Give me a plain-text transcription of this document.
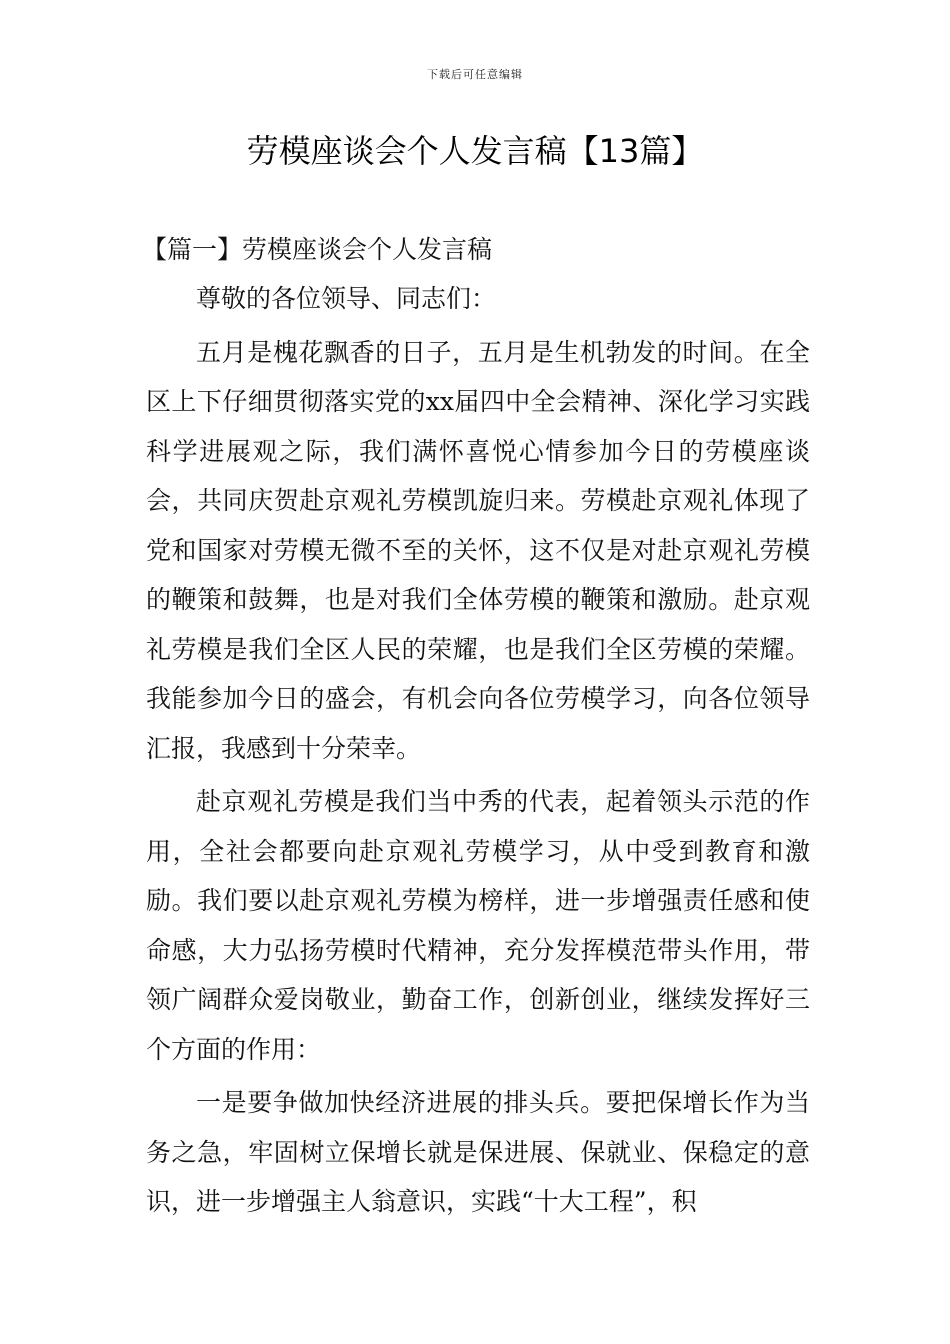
下载后可任意编辑
劳模座谈会个人发言稿【13篇】
【篇一】劳模座谈会个人发言稿

尊敬的各位领导、同志们：

五月是槐花飘香的日子，五月是生机勃发的时间。在全区上下仔细贯彻落实党的xx届四中全会精神、深化学习实践科学进展观之际，我们满怀喜悦心情参加今日的劳模座谈会，共同庆贺赴京观礼劳模凯旋归来。劳模赴京观礼体现了党和国家对劳模无微不至的关怀，这不仅是对赴京观礼劳模的鞭策和鼓舞，也是对我们全体劳模的鞭策和激励。赴京观礼劳模是我们全区人民的荣耀，也是我们全区劳模的荣耀。我能参加今日的盛会，有机会向各位劳模学习，向各位领导汇报，我感到十分荣幸。

赴京观礼劳模是我们当中秀的代表，起着领头示范的作用，全社会都要向赴京观礼劳模学习，从中受到教育和激励。我们要以赴京观礼劳模为榜样，进一步增强责任感和使命感，大力弘扬劳模时代精神，充分发挥模范带头作用，带领广阔群众爱岗敬业，勤奋工作，创新创业，继续发挥好三个方面的作用：

一是要争做加快经济进展的排头兵。要把保增长作为当务之急，牢固树立保增长就是保进展、保就业、保稳定的意识，进一步增强主人翁意识，实践“十大工程”，积
